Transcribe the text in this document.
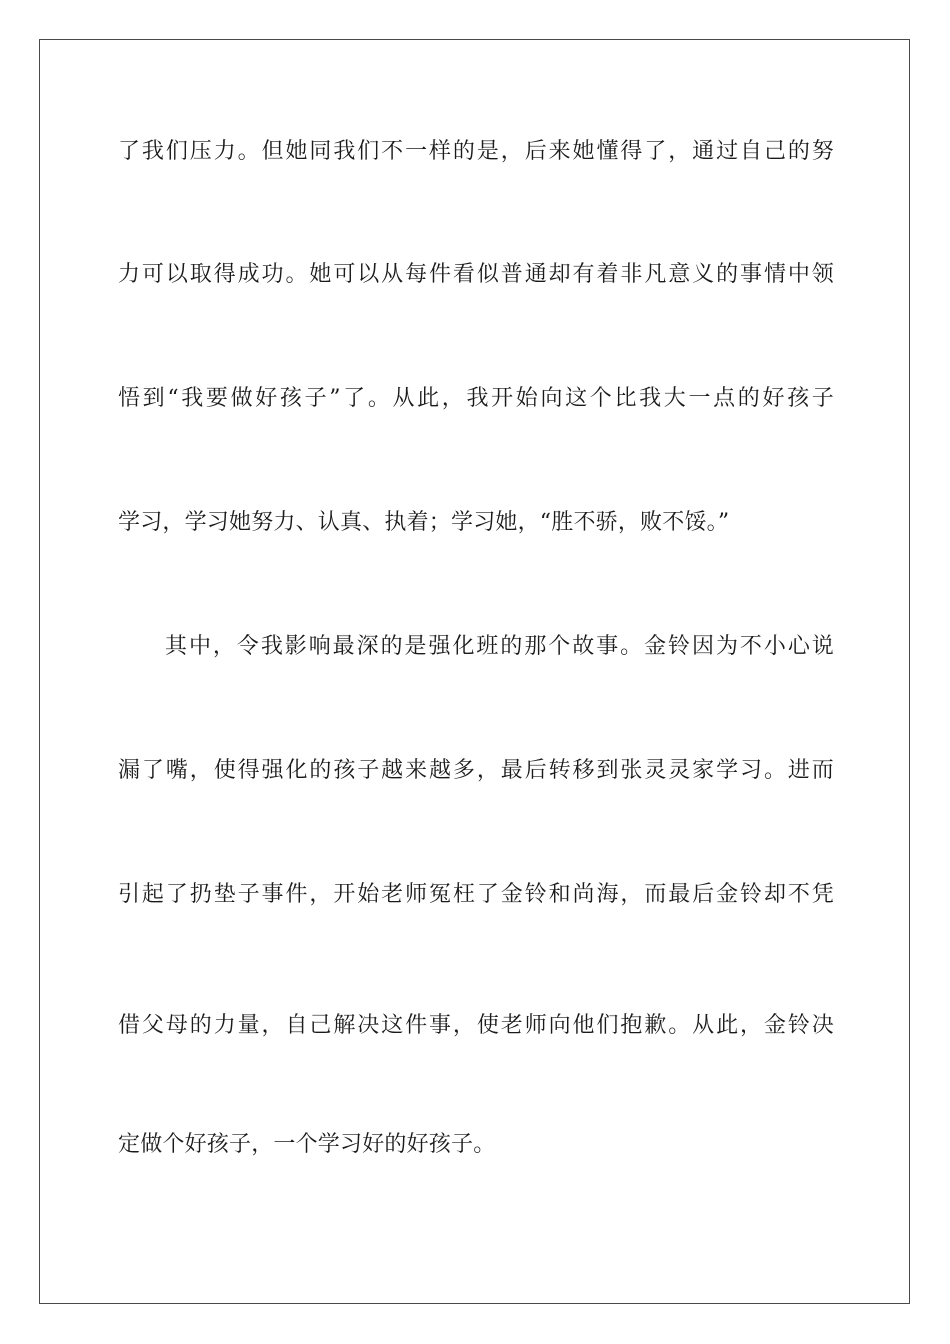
了我们压力。但她同我们不一样的是，后来她懂得了，通过自己的努
力可以取得成功。她可以从每件看似普通却有着非凡意义的事情中领
悟到“我要做好孩子”了。从此，我开始向这个比我大一点的好孩子
学习，学习她努力、认真、执着；学习她，“胜不骄，败不馁。”
其中，令我影响最深的是强化班的那个故事。金铃因为不小心说
漏了嘴，使得强化的孩子越来越多，最后转移到张灵灵家学习。进而
引起了扔垫子事件，开始老师冤枉了金铃和尚海，而最后金铃却不凭
借父母的力量，自己解决这件事，使老师向他们抱歉。从此，金铃决
定做个好孩子，一个学习好的好孩子。
